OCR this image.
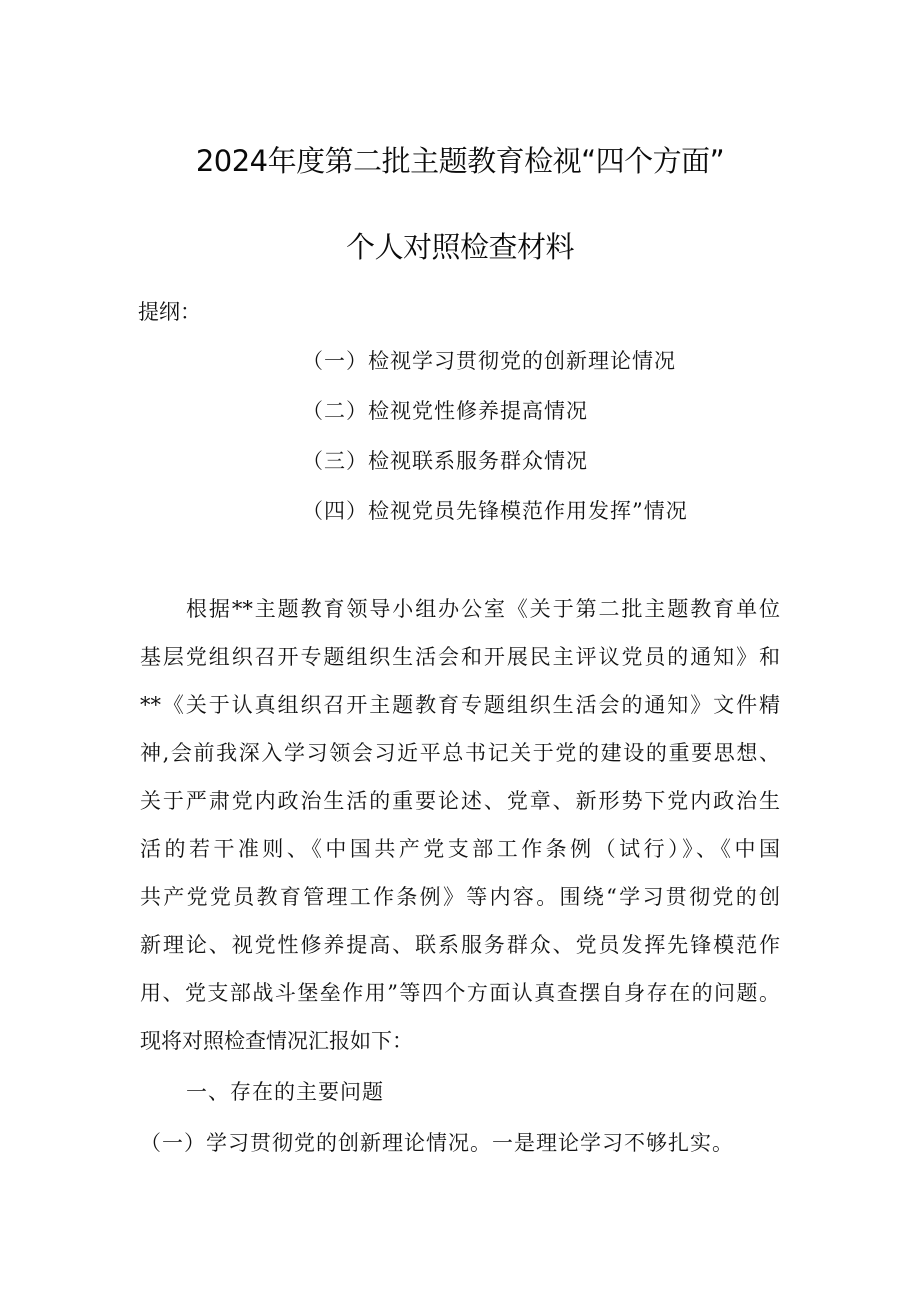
2024年度第二批主题教育检视“四个方面”
个人对照检查材料
提纲：
（一）检视学习贯彻党的创新理论情况
（二）检视党性修养提高情况
（三）检视联系服务群众情况
（四）检视党员先锋模范作用发挥”情况
根据**主题教育领导小组办公室《关于第二批主题教育单位
基层党组织召开专题组织生活会和开展民主评议党员的通知》和
**《关于认真组织召开主题教育专题组织生活会的通知》文件精
神,会前我深入学习领会习近平总书记关于党的建设的重要思想、
关于严肃党内政治生活的重要论述、党章、新形势下党内政治生
活的若干准则、《中国共产党支部工作条例（试行）》、《中国
共产党党员教育管理工作条例》等内容。围绕“学习贯彻党的创
新理论、视党性修养提高、联系服务群众、党员发挥先锋模范作
用、党支部战斗堡垒作用”等四个方面认真查摆自身存在的问题。
现将对照检查情况汇报如下：
一、存在的主要问题
（一）学习贯彻党的创新理论情况。一是理论学习不够扎实。
